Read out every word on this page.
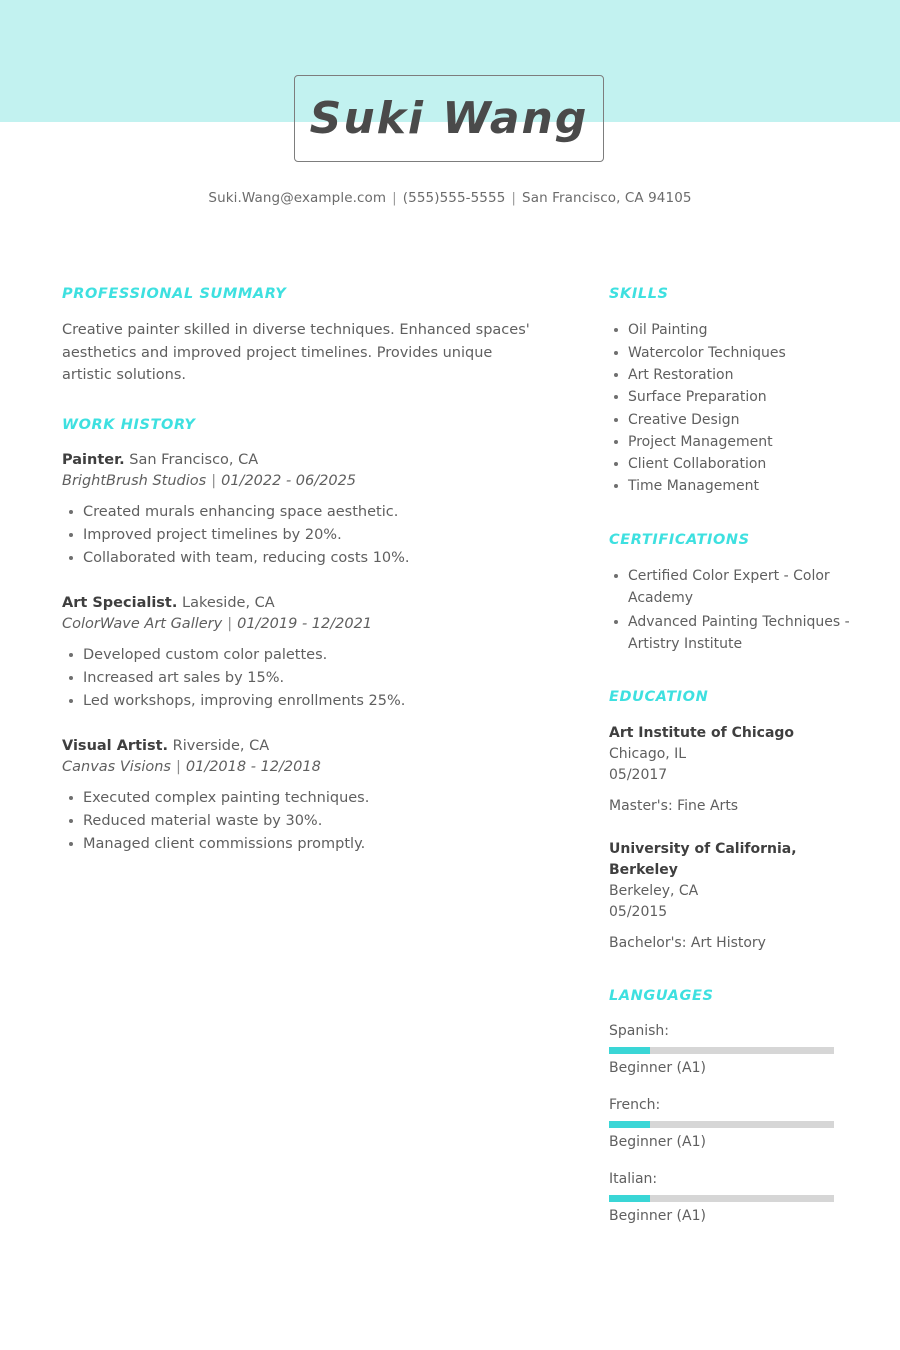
Suki Wang
Suki.Wang@example.com | (555)555-5555 | San Francisco, CA 94105
PROFESSIONAL SUMMARY

Creative painter skilled in diverse techniques. Enhanced spaces' aesthetics and improved project timelines. Provides unique artistic solutions.

WORK HISTORY
Painter. San Francisco, CA
BrightBrush Studios | 01/2022 - 06/2025
Created murals enhancing space aesthetic.
Improved project timelines by 20%.
Collaborated with team, reducing costs 10%.
Art Specialist. Lakeside, CA
ColorWave Art Gallery | 01/2019 - 12/2021
Developed custom color palettes.
Increased art sales by 15%.
Led workshops, improving enrollments 25%.
Visual Artist. Riverside, CA
Canvas Visions | 01/2018 - 12/2018
Executed complex painting techniques.
Reduced material waste by 30%.
Managed client commissions promptly.
SKILLS
Oil Painting
Watercolor Techniques
Art Restoration
Surface Preparation
Creative Design
Project Management
Client Collaboration
Time Management
CERTIFICATIONS
Certified Color Expert - Color Academy
Advanced Painting Techniques - Artistry Institute
EDUCATION
Art Institute of Chicago
Chicago, IL
05/2017
Master's: Fine Arts
University of California, Berkeley
Berkeley, CA
05/2015
Bachelor's: Art History
LANGUAGES
Spanish:
Beginner (A1)
French:
Beginner (A1)
Italian:
Beginner (A1)
